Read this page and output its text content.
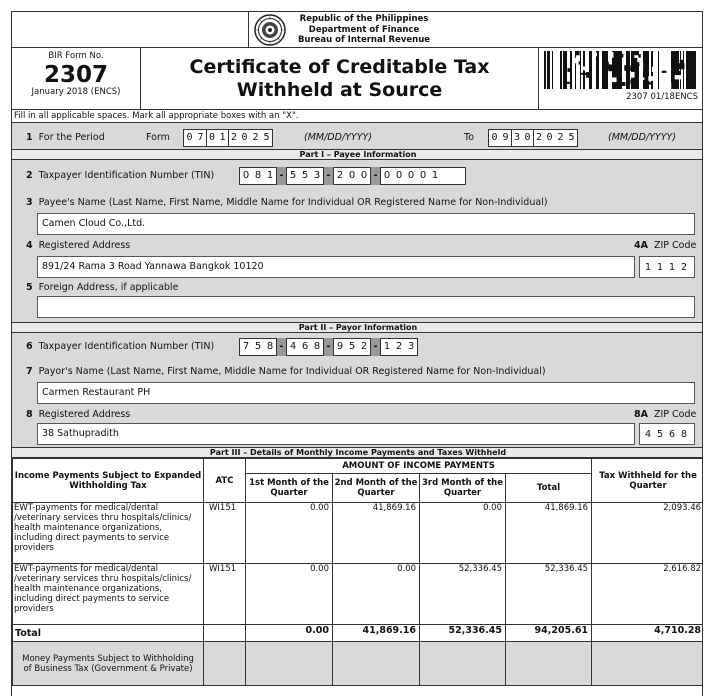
Republic of the Philippines
Department of Finance
Bureau of Internal Revenue
BIR Form No.
2307
January 2018 (ENCS)
Certificate of Creditable Tax
Withheld at Source	2307 01/18ENCS
Fill in all applicable spaces. Mark all appropriate boxes with an "X".
1 For the Period	Form 0 7 0 1 2 0 2 5	(MM/DD/YYYY)	To 0 9 3 0 2 0 2 5	(MM/DD/YYYY)
Part I – Payee Information
2 Taxpayer Identification Number (TIN)	0 8 1 - 5 5 3 - 2 0 0 - 0 0 0 0 1
3 Payee's Name (Last Name, First Name, Middle Name for Individual OR Registered Name for Non-Individual)
Camen Cloud Co.,Ltd.
4 Registered Address	4A ZIP Code
891/24 Rama 3 Road Yannawa Bangkok 10120	1 1 1 2
5 Foreign Address, if applicable
Part II – Payor Information
6 Taxpayer Identification Number (TIN)	7 5 8 - 4 6 8 - 9 5 2 - 1 2 3
7 Payor's Name (Last Name, First Name, Middle Name for Individual OR Registered Name for Non-Individual)
Carmen Restaurant PH
8 Registered Address	8A ZIP Code
38 Sathupradith	4 5 6 8
Part III – Details of Monthly Income Payments and Taxes Withheld
Income Payments Subject to Expanded Withholding Tax	ATC	AMOUNT OF INCOME PAYMENTS				Tax Withheld for the Quarter
		1st Month of the Quarter	2nd Month of the Quarter	3rd Month of the Quarter	Total	
EWT-payments for medical/dental /veterinary services thru hospitals/clinics/ health maintenance organizations, including direct payments to service providers	WI151	0.00	41,869.16	0.00	41,869.16	2,093.46
EWT-payments for medical/dental /veterinary services thru hospitals/clinics/ health maintenance organizations, including direct payments to service providers	WI151	0.00	0.00	52,336.45	52,336.45	2,616.82
Total		0.00	41,869.16	52,336.45	94,205.61	4,710.28
Money Payments Subject to Withholding of Business Tax (Government & Private)						
